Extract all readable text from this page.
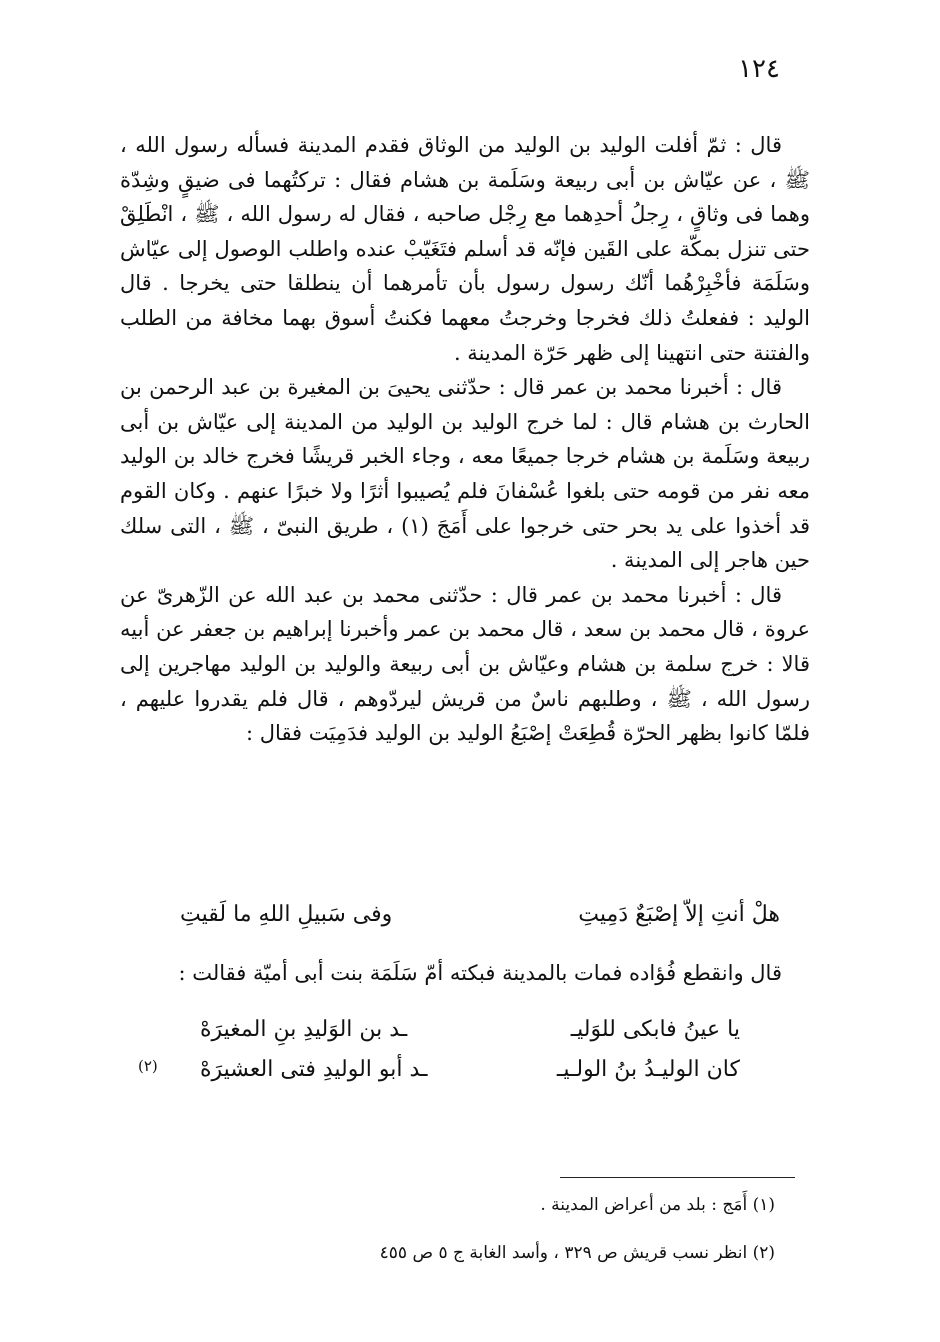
١٢٤

قال : ثمّ أفلت الوليد بن الوليد من الوثاق فقدم المدينة فسأله رسول الله ، ﷺ ، عن عيّاش بن أبى ربيعة وسَلَمة بن هشام فقال : تركتُهما فى ضيقٍ وشِدّة وهما فى وثاقٍ ، رِجلُ أحدِهما مع رِجْل صاحبه ، فقال له رسول الله ، ﷺ ، انْطَلِقْ حتى تنزل بمكّة على القَين فإنّه قد أسلم فتَغَيّبْ عنده واطلب الوصول إلى عيّاش وسَلَمَة فأخْبِرْهُما أنّك رسول رسول بأن تأمرهما أن ينطلقا حتى يخرجا . قال الوليد : ففعلتُ ذلك فخرجا وخرجتُ معهما فكنتُ أسوق بهما مخافة من الطلب والفتنة حتى انتهينا إلى ظهر حَرّة المدينة .

قال : أخبرنا محمد بن عمر قال : حدّثنى يحيىَ بن المغيرة بن عبد الرحمن بن الحارث بن هشام قال : لما خرج الوليد بن الوليد من المدينة إلى عيّاش بن أبى ربيعة وسَلَمة بن هشام خرجا جميعًا معه ، وجاء الخبر قريشًا فخرج خالد بن الوليد معه نفر من قومه حتى بلغوا عُسْفانَ فلم يُصيبوا أثرًا ولا خبرًا عنهم . وكان القوم قد أخذوا على يد بحر حتى خرجوا على أَمَجَ (١) ، طريق النبىّ ، ﷺ ، التى سلك حين هاجر إلى المدينة .

قال : أخبرنا محمد بن عمر قال : حدّثنى محمد بن عبد الله عن الزّهرىّ عن عروة ، قال محمد بن سعد ، قال محمد بن عمر وأخبرنا إبراهيم بن جعفر عن أبيه قالا : خرج سلمة بن هشام وعيّاش بن أبى ربيعة والوليد بن الوليد مهاجرين إلى رسول الله ، ﷺ ، وطلبهم ناسٌ من قريش ليردّوهم ، قال فلم يقدروا عليهم ، فلمّا كانوا بظهر الحرّة قُطِعَتْ إصْبَعُ الوليد بن الوليد فدَمِيَت فقال :

هلْ أنتِ إلاّ إصْبَعٌ دَمِيتِ
وفى سَبيلِ اللهِ ما لَقيتِ
قال وانقطع فُؤاده فمات بالمدينة فبكته أمّ سَلَمَة بنت أبى أميّة فقالت :
يا عينُ فابكى للوَليـ
ـد بن الوَليدِ بنِ المغيرَهْ
كان الوليـدُ بنُ الولـيـ
ـد أبو الوليدِ فتى العشيرَهْ
(٢)

(١) أَمَج : بلد من أعراض المدينة .

(٢) انظر نسب قريش ص ٣٢٩ ، وأسد الغابة ج ٥ ص ٤٥٥
